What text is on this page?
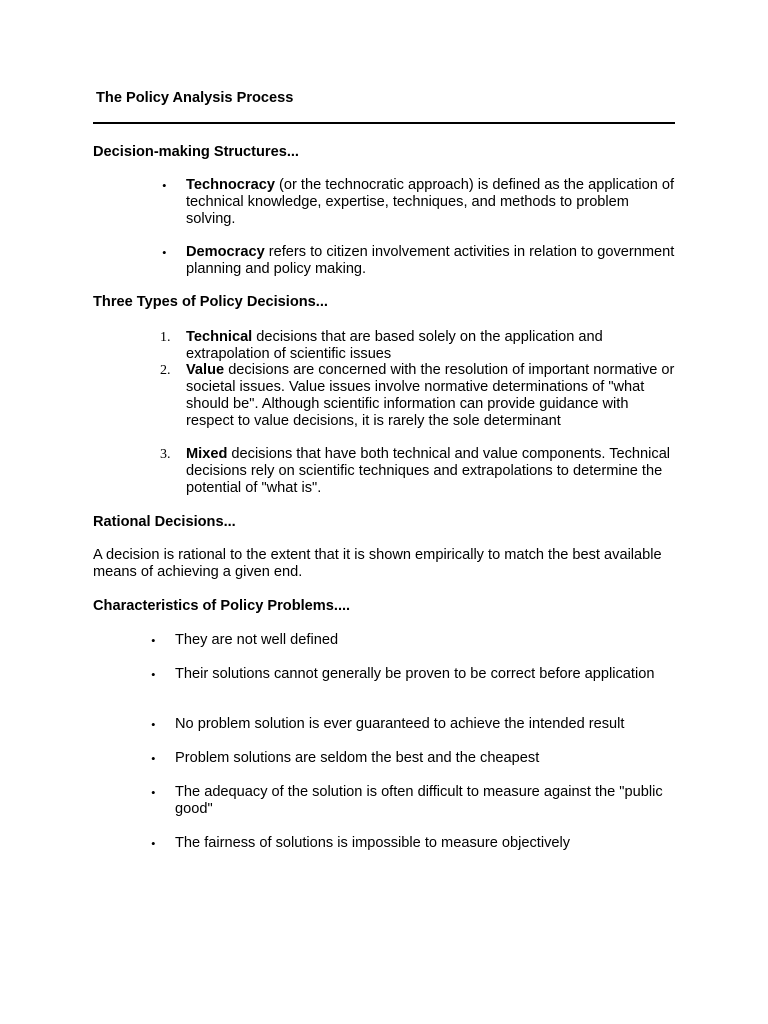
The Policy Analysis Process
Decision-making Structures...
•	Technocracy (or the technocratic approach) is defined as the application of technical knowledge, expertise, techniques, and methods to problem solving.
•	Democracy refers to citizen involvement activities in relation to government planning and policy making.
Three Types of Policy Decisions...
1.	Technical decisions that are based solely on the application and extrapolation of scientific issues
2.	Value decisions are concerned with the resolution of important normative or societal issues. Value issues involve normative determinations of "what should be". Although scientific information can provide guidance with respect to value decisions, it is rarely the sole determinant
3.	Mixed decisions that have both technical and value components. Technical decisions rely on scientific techniques and extrapolations to determine the potential of "what is".
Rational Decisions...
A decision is rational to the extent that it is shown empirically to match the best available means of achieving a given end.
Characteristics of Policy Problems....
•	They are not well defined
•	Their solutions cannot generally be proven to be correct before application
•	No problem solution is ever guaranteed to achieve the intended result
•	Problem solutions are seldom the best and the cheapest
•	The adequacy of the solution is often difficult to measure against the "public good"
•	The fairness of solutions is impossible to measure objectively
